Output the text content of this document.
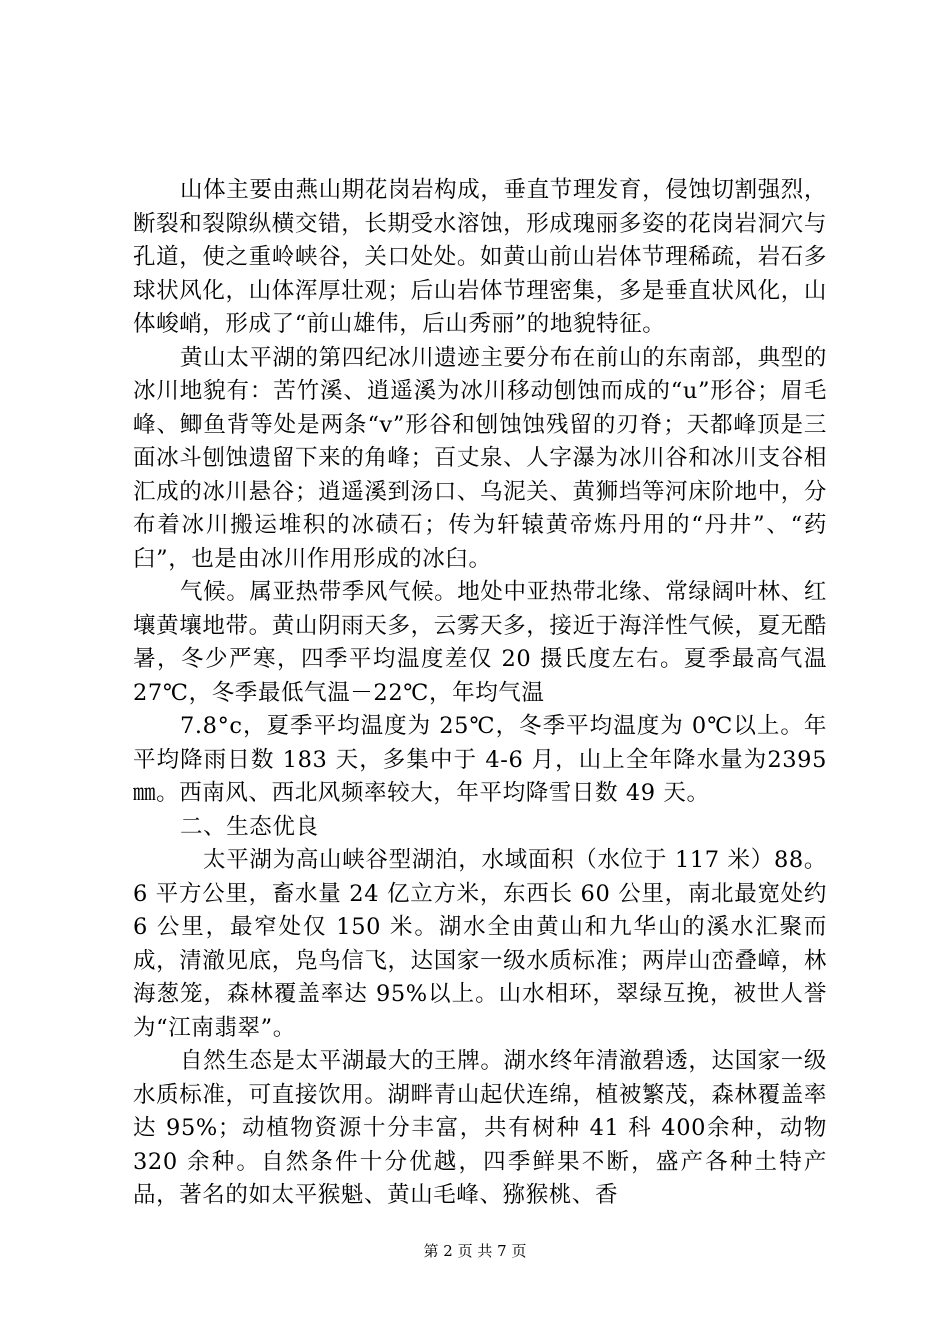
山体主要由燕山期花岗岩构成，垂直节理发育，侵蚀切割强烈，断裂和裂隙纵横交错，长期受水溶蚀，形成瑰丽多姿的花岗岩洞穴与孔道，使之重岭峡谷，关口处处。如黄山前山岩体节理稀疏，岩石多球状风化，山体浑厚壮观；后山岩体节理密集，多是垂直状风化，山体峻峭，形成了“前山雄伟，后山秀丽”的地貌特征。

黄山太平湖的第四纪冰川遗迹主要分布在前山的东南部，典型的冰川地貌有：苦竹溪、逍遥溪为冰川移动刨蚀而成的“u”形谷；眉毛峰、鲫鱼背等处是两条“v”形谷和刨蚀蚀残留的刃脊；天都峰顶是三面冰斗刨蚀遗留下来的角峰；百丈泉、人字瀑为冰川谷和冰川支谷相汇成的冰川悬谷；逍遥溪到汤口、乌泥关、黄狮垱等河床阶地中，分布着冰川搬运堆积的冰碛石；传为轩辕黄帝炼丹用的“丹井”、“药臼”，也是由冰川作用形成的冰臼。

气候。属亚热带季风气候。地处中亚热带北缘、常绿阔叶林、红壤黄壤地带。黄山阴雨天多，云雾天多，接近于海洋性气候，夏无酷暑，冬少严寒，四季平均温度差仅 20 摄氏度左右。夏季最高气温27℃，冬季最低气温－22℃，年均气温

7.8°c，夏季平均温度为 25℃，冬季平均温度为 0℃以上。年平均降雨日数 183 天，多集中于 4-6 月，山上全年降水量为2395㎜。西南风、西北风频率较大，年平均降雪日数 49 天。

二、生态优良

太平湖为高山峡谷型湖泊，水域面积（水位于 117 米）88。6 平方公里，畜水量 24 亿立方米，东西长 60 公里，南北最宽处约 6 公里，最窄处仅 150 米。湖水全由黄山和九华山的溪水汇聚而成，清澈见底，凫鸟信飞，达国家一级水质标准；两岸山峦叠嶂，林海葱笼，森林覆盖率达 95%以上。山水相环，翠绿互挽，被世人誉为“江南翡翠”。

自然生态是太平湖最大的王牌。湖水终年清澈碧透，达国家一级水质标准，可直接饮用。湖畔青山起伏连绵，植被繁茂，森林覆盖率达 95%；动植物资源十分丰富，共有树种 41 科 400余种，动物 320 余种。自然条件十分优越，四季鲜果不断，盛产各种土特产品，著名的如太平猴魁、黄山毛峰、猕猴桃、香

第 2 页 共 7 页
